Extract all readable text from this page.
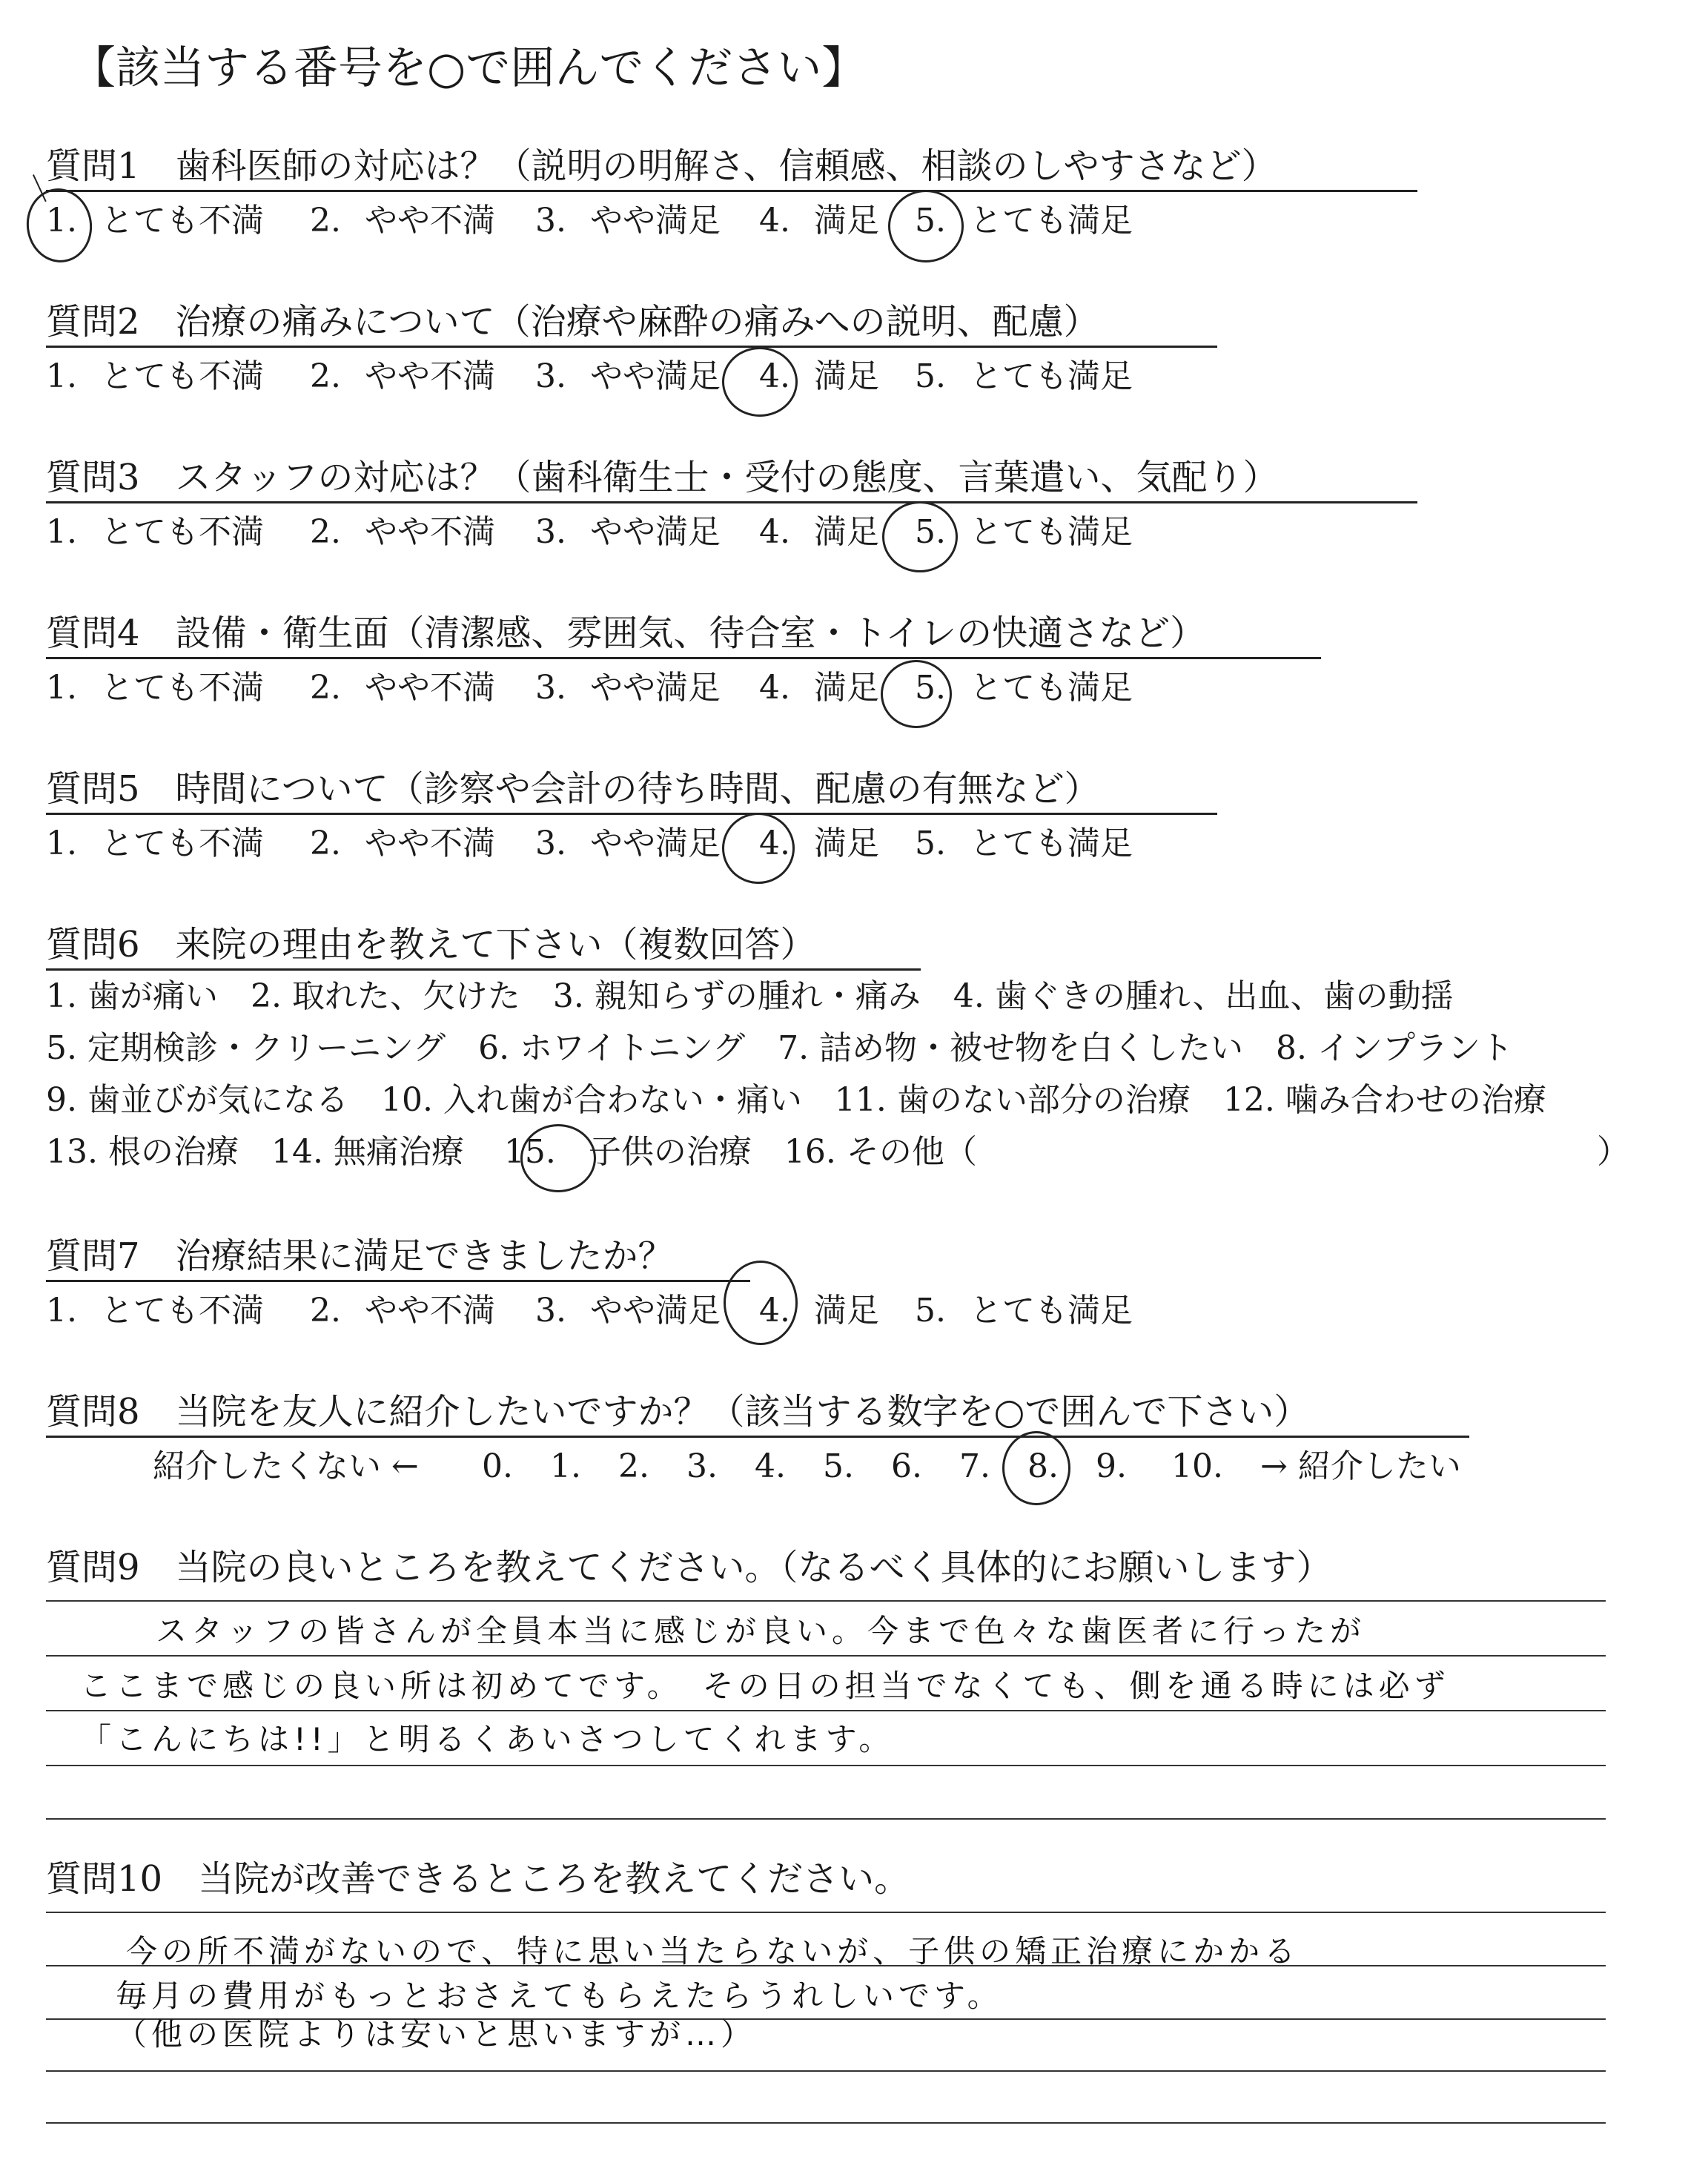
【該当する番号を○で囲んでください】
質問1　歯科医師の対応は？（説明の明解さ、信頼感、相談のしやすさなど）
1. とても不満 2. やや不満 3. やや満足 4. 満足 5. とても満足
質問2　治療の痛みについて（治療や麻酔の痛みへの説明、配慮）
1. とても不満 2. やや不満 3. やや満足 4. 満足 5. とても満足
質問3　スタッフの対応は？（歯科衛生士・受付の態度、言葉遣い、気配り）
1. とても不満 2. やや不満 3. やや満足 4. 満足 5. とても満足
質問4　設備・衛生面（清潔感、雰囲気、待合室・トイレの快適さなど）
1. とても不満 2. やや不満 3. やや満足 4. 満足 5. とても満足
質問5　時間について（診察や会計の待ち時間、配慮の有無など）
1. とても不満 2. やや不満 3. やや満足 4. 満足 5. とても満足
質問6　来院の理由を教えて下さい（複数回答）
1. 歯が痛い　2. 取れた、欠けた　3. 親知らずの腫れ・痛み　4. 歯ぐきの腫れ、出血、歯の動揺
5. 定期検診・クリーニング　6. ホワイトニング　7. 詰め物・被せ物を白くしたい　8. インプラント
9. 歯並びが気になる　10. 入れ歯が合わない・痛い　11. 歯のない部分の治療　12. 噛み合わせの治療
13. 根の治療　14. 無痛治療 15. 子供の治療　16. その他（	）
質問7　治療結果に満足できましたか？
1. とても不満 2. やや不満 3. やや満足 4. 満足 5. とても満足
質問8　当院を友人に紹介したいですか？（該当する数字を○で囲んで下さい）
紹介したくない ← 0. 1. 2. 3. 4. 5. 6. 7. 8. 9. 10. → 紹介したい
質問9　当院の良いところを教えてください。（なるべく具体的にお願いします）
スタッフの皆さんが全員本当に感じが良い。今まで色々な歯医者に行ったが
ここまで感じの良い所は初めてです。　その日の担当でなくても、側を通る時には必ず
「こんにちは!!」と明るくあいさつしてくれます。
質問10　当院が改善できるところを教えてください。
今の所不満がないので、特に思い当たらないが、子供の矯正治療にかかる
毎月の費用がもっとおさえてもらえたらうれしいです。
（他の医院よりは安いと思いますが…）
